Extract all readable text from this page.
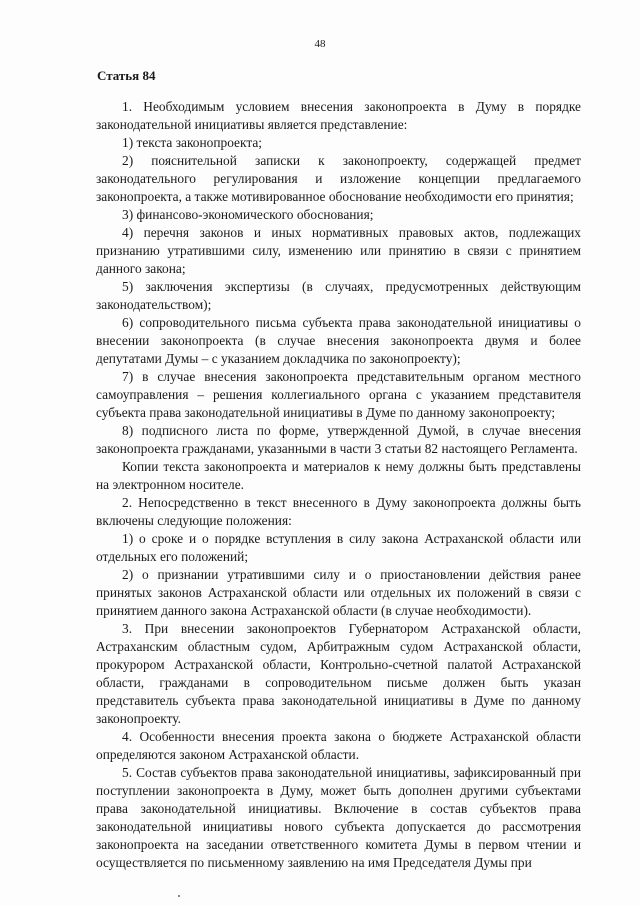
48
Статья 84

1. Необходимым условием внесения законопроекта в Думу в порядке законодательной инициативы является представление:

1) текста законопроекта;

2) пояснительной записки к законопроекту, содержащей предмет законодательного регулирования и изложение концепции предлагаемого законопроекта, а также мотивированное обоснование необходимости его принятия;

3) финансово-экономического обоснования;

4) перечня законов и иных нормативных правовых актов, подлежащих признанию утратившими силу, изменению или принятию в связи с принятием данного закона;

5) заключения экспертизы (в случаях, предусмотренных действующим законодательством);

6) сопроводительного письма субъекта права законодательной инициативы о внесении законопроекта (в случае внесения законопроекта двумя и более депутатами Думы – с указанием докладчика по законопроекту);

7) в случае внесения законопроекта представительным органом местного самоуправления – решения коллегиального органа с указанием представителя субъекта права законодательной инициативы в Думе по данному законопроекту;

8) подписного листа по форме, утвержденной Думой, в случае внесения законопроекта гражданами, указанными в части 3 статьи 82 настоящего Регламента.

Копии текста законопроекта и материалов к нему должны быть представлены на электронном носителе.

2. Непосредственно в текст внесенного в Думу законопроекта должны быть включены следующие положения:

1) о сроке и о порядке вступления в силу закона Астраханской области или отдельных его положений;

2) о признании утратившими силу и о приостановлении действия ранее принятых законов Астраханской области или отдельных их положений в связи с принятием данного закона Астраханской области (в случае необходимости).

3. При внесении законопроектов Губернатором Астраханской области, Астраханским областным судом, Арбитражным судом Астраханской области, прокурором Астраханской области, Контрольно-счетной палатой Астраханской области, гражданами в сопроводительном письме должен быть указан представитель субъекта права законодательной инициативы в Думе по данному законопроекту.

4. Особенности внесения проекта закона о бюджете Астраханской области определяются законом Астраханской области.

5. Состав субъектов права законодательной инициативы, зафиксированный при поступлении законопроекта в Думу, может быть дополнен другими субъектами права законодательной инициативы. Включение в состав субъектов права законодательной инициативы нового субъекта допускается до рассмотрения законопроекта на заседании ответственного комитета Думы в первом чтении и осуществляется по письменному заявлению на имя Председателя Думы при
